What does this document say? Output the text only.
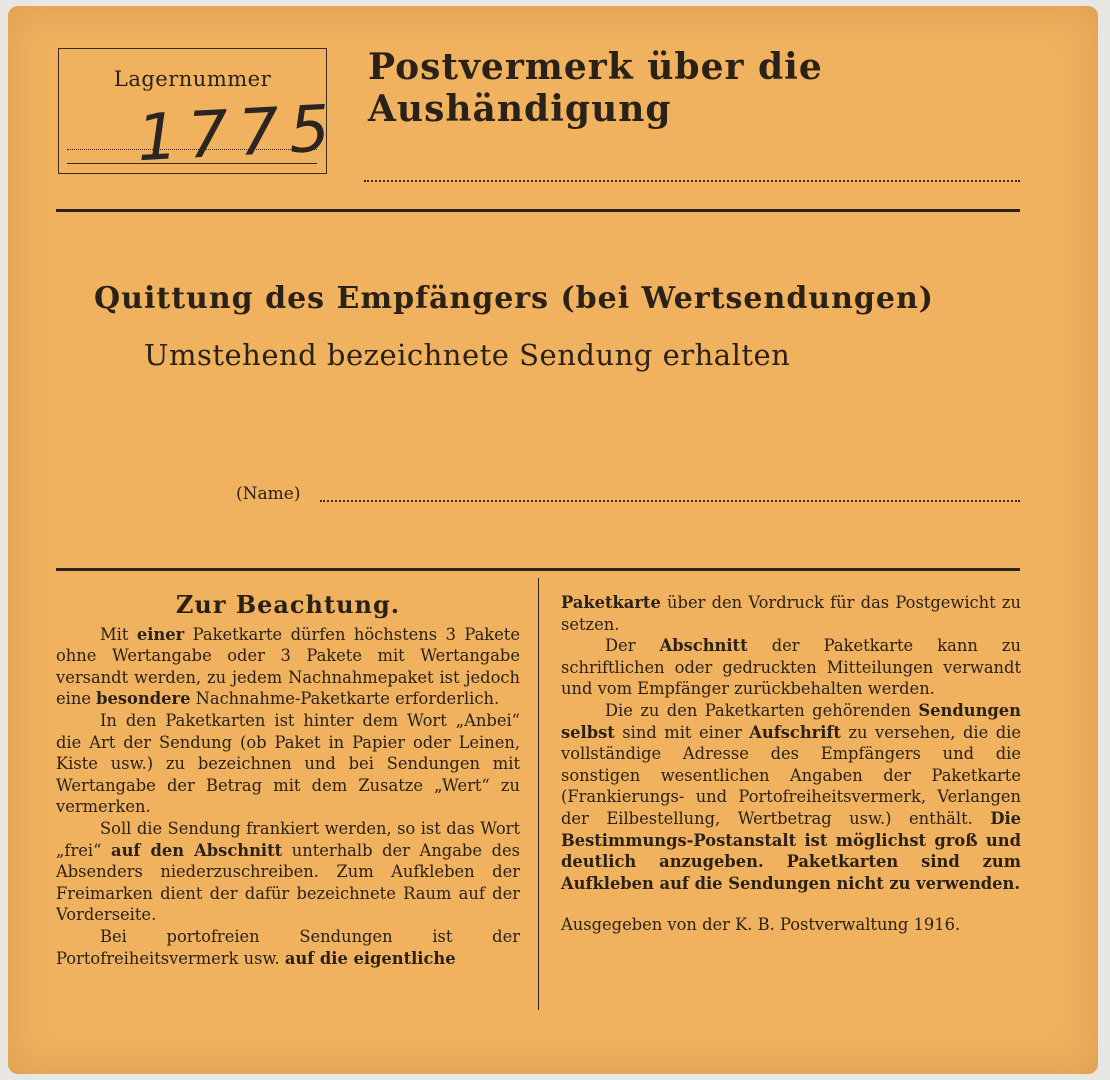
Lagernummer
1775
Postvermerk über die Aushändigung
Quittung des Empfängers (bei Wertsendungen)
Umstehend bezeichnete Sendung erhalten
(Name)
Zur Beachtung.

Mit einer Paketkarte dürfen höchstens 3 Pakete ohne Wertangabe oder 3 Pakete mit Wertangabe versandt werden, zu jedem Nachnahmepaket ist jedoch eine besondere Nachnahme-Paketkarte erforderlich.

In den Paketkarten ist hinter dem Wort „Anbei“ die Art der Sendung (ob Paket in Papier oder Leinen, Kiste usw.) zu bezeichnen und bei Sendungen mit Wertangabe der Betrag mit dem Zusatze „Wert“ zu vermerken.

Soll die Sendung frankiert werden, so ist das Wort „frei“ auf den Abschnitt unterhalb der Angabe des Absenders niederzuschreiben. Zum Aufkleben der Freimarken dient der dafür bezeichnete Raum auf der Vorderseite.

Bei portofreien Sendungen ist der Portofreiheitsvermerk usw. auf die eigentliche

Paketkarte über den Vordruck für das Postgewicht zu setzen.

Der Abschnitt der Paketkarte kann zu schriftlichen oder gedruckten Mitteilungen verwandt und vom Empfänger zurückbehalten werden.

Die zu den Paketkarten gehörenden Sendungen selbst sind mit einer Aufschrift zu versehen, die die vollständige Adresse des Empfängers und die sonstigen wesentlichen Angaben der Paketkarte (Frankierungs- und Portofreiheitsvermerk, Verlangen der Eilbestellung, Wertbetrag usw.) enthält. Die Bestimmungs-Postanstalt ist möglichst groß und deutlich anzugeben. Paketkarten sind zum Aufkleben auf die Sendungen nicht zu verwenden.

Ausgegeben von der K. B. Postverwaltung 1916.
